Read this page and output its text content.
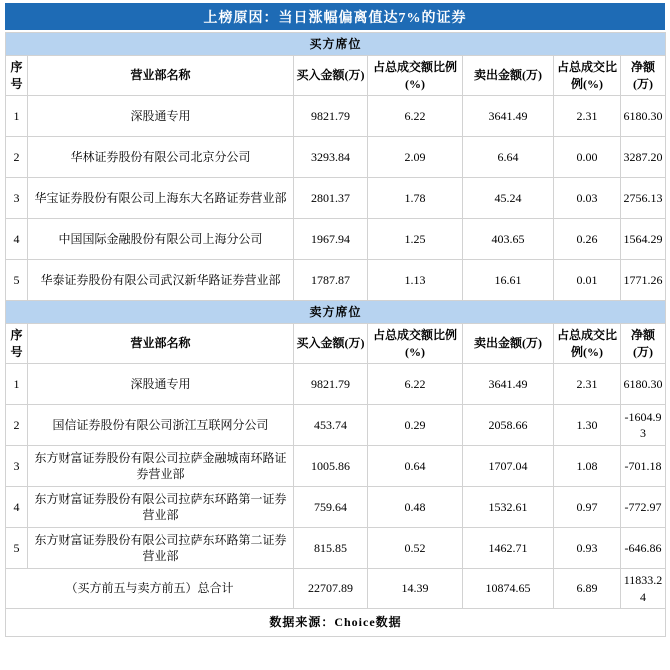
上榜原因：当日涨幅偏离值达7%的证券
买方席位						
序号	营业部名称	买入金额(万)	占总成交额比例(%)	卖出金额(万)	占总成交比例(%)	净额(万)
1	深股通专用	9821.79	6.22	3641.49	2.31	6180.30
2	华林证券股份有限公司北京分公司	3293.84	2.09	6.64	0.00	3287.20
3	华宝证券股份有限公司上海东大名路证券营业部	2801.37	1.78	45.24	0.03	2756.13
4	中国国际金融股份有限公司上海分公司	1967.94	1.25	403.65	0.26	1564.29
5	华泰证券股份有限公司武汉新华路证券营业部	1787.87	1.13	16.61	0.01	1771.26
卖方席位						
序号	营业部名称	买入金额(万)	占总成交额比例(%)	卖出金额(万)	占总成交比例(%)	净额(万)
1	深股通专用	9821.79	6.22	3641.49	2.31	6180.30
2	国信证券股份有限公司浙江互联网分公司	453.74	0.29	2058.66	1.30	-1604.93
3	东方财富证券股份有限公司拉萨金融城南环路证券营业部	1005.86	0.64	1707.04	1.08	-701.18
4	东方财富证券股份有限公司拉萨东环路第一证券营业部	759.64	0.48	1532.61	0.97	-772.97
5	东方财富证券股份有限公司拉萨东环路第二证券营业部	815.85	0.52	1462.71	0.93	-646.86
（买方前五与卖方前五）总合计		22707.89	14.39	10874.65	6.89	11833.24
数据来源：Choice数据						
